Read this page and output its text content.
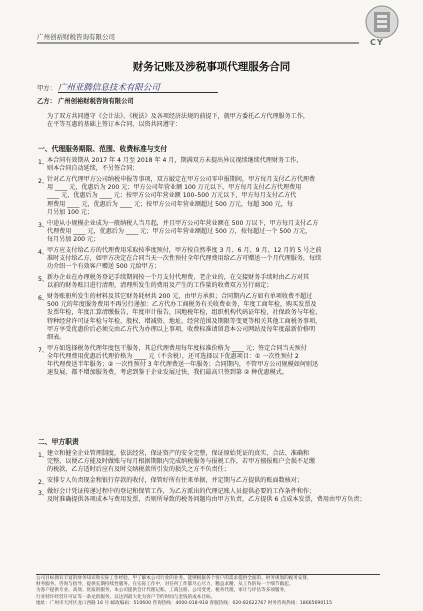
广州创裕财税咨询有限公司
CY
财务记账及涉税事项代理服务合同
甲方： 广州亚腾信息技术有限公司
乙方： 广州创裕财税咨询有限公司
为了双方共同遵守《会计法》、《税法》及各项经济法规的前提下，就甲方委托乙方代理服务工作，
在平等互惠的基础上签订本合同，以资共同遵守：
一、代理服务期限、范围、收费标准与支付
1、 本合同有效期从 2017 年 4 月至 2018 年 4 月，期满双方未提出异议视续继续代理财务工作，
则本合同自动延续，不另签合同；
2、 针对乙方代理甲方公司纳税申报等事项，双方敲定在甲方公司零申报期间，甲方每月支付乙方代理费
用 ____ 元，优惠后为 200 元；甲方公司年营业额 100 万元以下，甲方每月支付乙方代理费用
____ 元，优惠后为 ____ 元；按甲方公司年营业额 100–500 万元以下，甲方每月支付乙方代
理费用 ____ 元，优惠后为 ____ 元；按甲方公司年营业额超过 500 万元，每超 300 元，每
月另加 100 元；
3、 中途从小规模企业成为一般纳税人当月起，并且甲方公司年营业额在 500 万以下，甲方每月支付乙方
代理费用 ____ 元，优惠后为 ____ 元；甲方公司年营业额超过 500 万，按每超过一个 500 万元，
每月另加 200 元；
4、 甲方应支付给乙方的代理费用采取按季度预付，甲方按自然季度 3 月、6 月、9 月、12 月的 5 号之前
准时支付给乙方，如甲方决定在合同当天一次性预付全年代理费用给乙方可赠送一个月代理服务，每续
功介绍一个有效客户赠送 500 元给甲方；
5、 新办企业在办理税务登记手续期间按一个月支付代理费，老企业的，在交接财务手续时由乙方对其
以前的财务账目进行清理，清理所发生的费用及产生的工作量的收费双方另行商定；
6、 财务账册所发生的材料及其它财务耗材共 200 元，由甲方承担；合同期内乙方如有单项收费不超过
500 元的年度服务费用不再另行递加：乙方代办工商税务有关收费业务，年度工商年检，购买发票及
发票年检，年度汇算清缴报告，年度审计报告，国地税年检，组织机构代码证年检，社保政务与年检，
特种经营许可证年检与年检，股权、增减资、地址、经营范围及期限等变更等相关其他工商税务事项，
甲方享受优惠价后必须交由乙方代为办理以上事项，收费标准请留意本公司网站及每年度最新价格明
细表。
7、 甲方如选择税务代理年度包干服务，其总代理费用每年度标准价格为 ____ 元；签定合同当天预付
全年代理费用优惠后代理价格为 ____ 元（不含税），还可选择以下优惠项目：① 一次性预付 2
年代理费送半年服务；② 一次性预付 3 年代理费送一年服务；合同期内，不管甲方公司规模如何则迅
速发展，都不增加服务费，考虑到鉴于企业发展过快，我们最高只签到第 ② 种优惠模式。
二、甲方职责
1、 建立和健全企业管理制度，依法经营，保证资产的安全完整，保证原始凭证的真实、合法、准确和
完整，以便乙方能及时做账与每月根据期限内完成纳税服务与报税工作，若甲方擅报账户会损不足缴
的税款，乙方适时后应有及时交纳税款所引发的损失之方不负责任；
2、 安排专人负责现金和银行存款的收付，保管好所有往来单据，并定期与乙方提供的账面数核对；
3、 做好会计凭证传递过程中的登记和保管工作，为乙方派出的代理记账人员提供必要的工作条件和作；
及时准确提供各项成本与费用发票，否则所导致的税务问题均由甲方负责，乙方提供 6 点成本发票，费用由甲方负责；
公司目标拥有丰富的财务知识和实际工作经验，甲了解本公司行业的业务。能够根据各个客户的需求提供全面的、财务规划的税务安排，
财务服务、咨询与指导，提供长期持续性服务。在实际工作中，对任何工作都尽心尽力，精益求精，从工作的每一个细节做起，
为客户提供专业、高效、优质的服务。本公司提供会计代理记账、工商注册、公司变更、税务代理、审计与评估等多项服务，
行业特许经营许可证等一条龙的服务。以达到最大化为客户节约时间与金钱的成本目标。
地址：广州市天河区龙口西路 16 号 邮政编码：510600 咨询热线：4000-018-918 客服热线：020-82622767 财务咨询热线：18665690115
